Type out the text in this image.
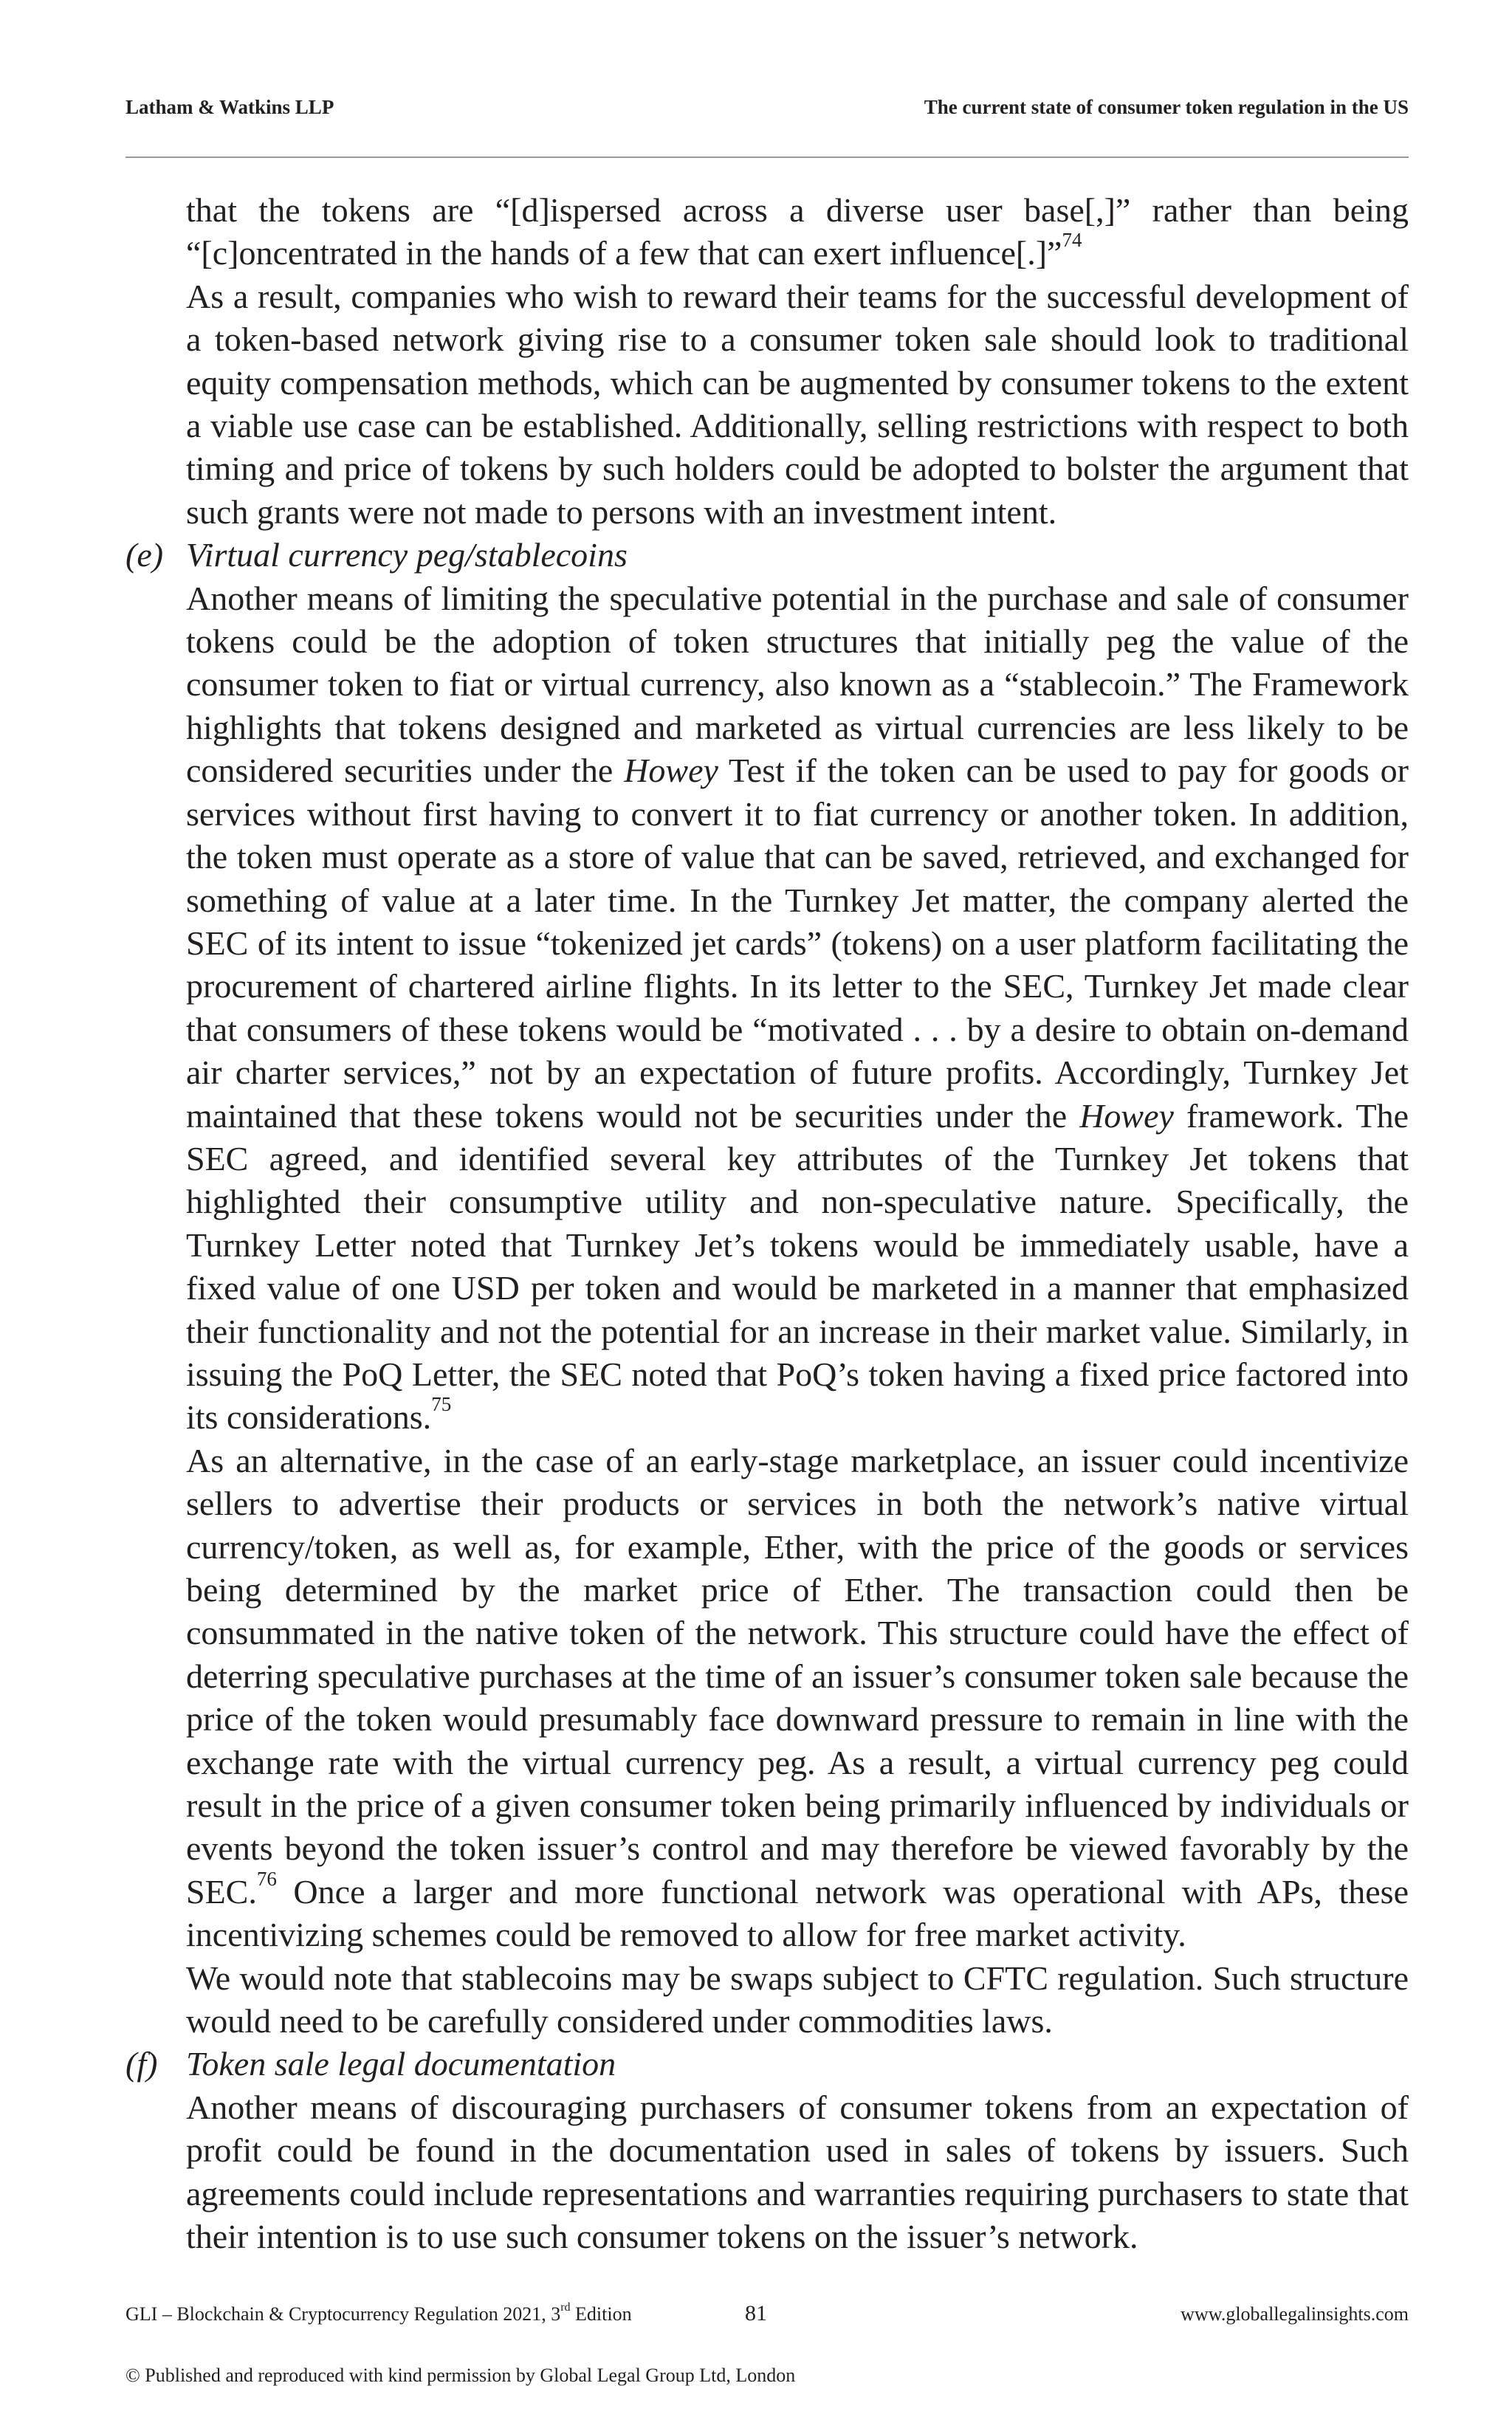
Latham & Watkins LLP	The current state of consumer token regulation in the US

that the tokens are “[d]ispersed across a diverse user base[,]” rather than being “[c]oncentrated in the hands of a few that can exert influence[.]”$^{74}$

As a result, companies who wish to reward their teams for the successful development of a token-based network giving rise to a consumer token sale should look to traditional equity compensation methods, which can be augmented by consumer tokens to the extent a viable use case can be established. Additionally, selling restrictions with respect to both timing and price of tokens by such holders could be adopted to bolster the argument that such grants were not made to persons with an investment intent.

(e) Virtual currency peg/stablecoins

Another means of limiting the speculative potential in the purchase and sale of consumer tokens could be the adoption of token structures that initially peg the value of the consumer token to fiat or virtual currency, also known as a “stablecoin.” The Framework highlights that tokens designed and marketed as virtual currencies are less likely to be considered securities under the Howey Test if the token can be used to pay for goods or services without first having to convert it to fiat currency or another token. In addition, the token must operate as a store of value that can be saved, retrieved, and exchanged for something of value at a later time. In the Turnkey Jet matter, the company alerted the SEC of its intent to issue “tokenized jet cards” (tokens) on a user platform facilitating the procurement of chartered airline flights. In its letter to the SEC, Turnkey Jet made clear that consumers of these tokens would be “motivated . . . by a desire to obtain on-demand air charter services,” not by an expectation of future profits. Accordingly, Turnkey Jet maintained that these tokens would not be securities under the Howey framework. The SEC agreed, and identified several key attributes of the Turnkey Jet tokens that highlighted their consumptive utility and non-speculative nature. Specifically, the Turnkey Letter noted that Turnkey Jet’s tokens would be immediately usable, have a fixed value of one USD per token and would be marketed in a manner that emphasized their functionality and not the potential for an increase in their market value. Similarly, in issuing the PoQ Letter, the SEC noted that PoQ’s token having a fixed price factored into its considerations.$^{75}$

As an alternative, in the case of an early-stage marketplace, an issuer could incentivize sellers to advertise their products or services in both the network’s native virtual currency/token, as well as, for example, Ether, with the price of the goods or services being determined by the market price of Ether. The transaction could then be consummated in the native token of the network. This structure could have the effect of deterring speculative purchases at the time of an issuer’s consumer token sale because the price of the token would presumably face downward pressure to remain in line with the exchange rate with the virtual currency peg. As a result, a virtual currency peg could result in the price of a given consumer token being primarily influenced by individuals or events beyond the token issuer’s control and may therefore be viewed favorably by the SEC.$^{76}$ Once a larger and more functional network was operational with APs, these incentivizing schemes could be removed to allow for free market activity.

We would note that stablecoins may be swaps subject to CFTC regulation. Such structure would need to be carefully considered under commodities laws.

(f) Token sale legal documentation

Another means of discouraging purchasers of consumer tokens from an expectation of profit could be found in the documentation used in sales of tokens by issuers. Such agreements could include representations and warranties requiring purchasers to state that their intention is to use such consumer tokens on the issuer’s network.

GLI – Blockchain & Cryptocurrency Regulation 2021, 3rd Edition	81	www.globallegalinsights.com
© Published and reproduced with kind permission by Global Legal Group Ltd, London
